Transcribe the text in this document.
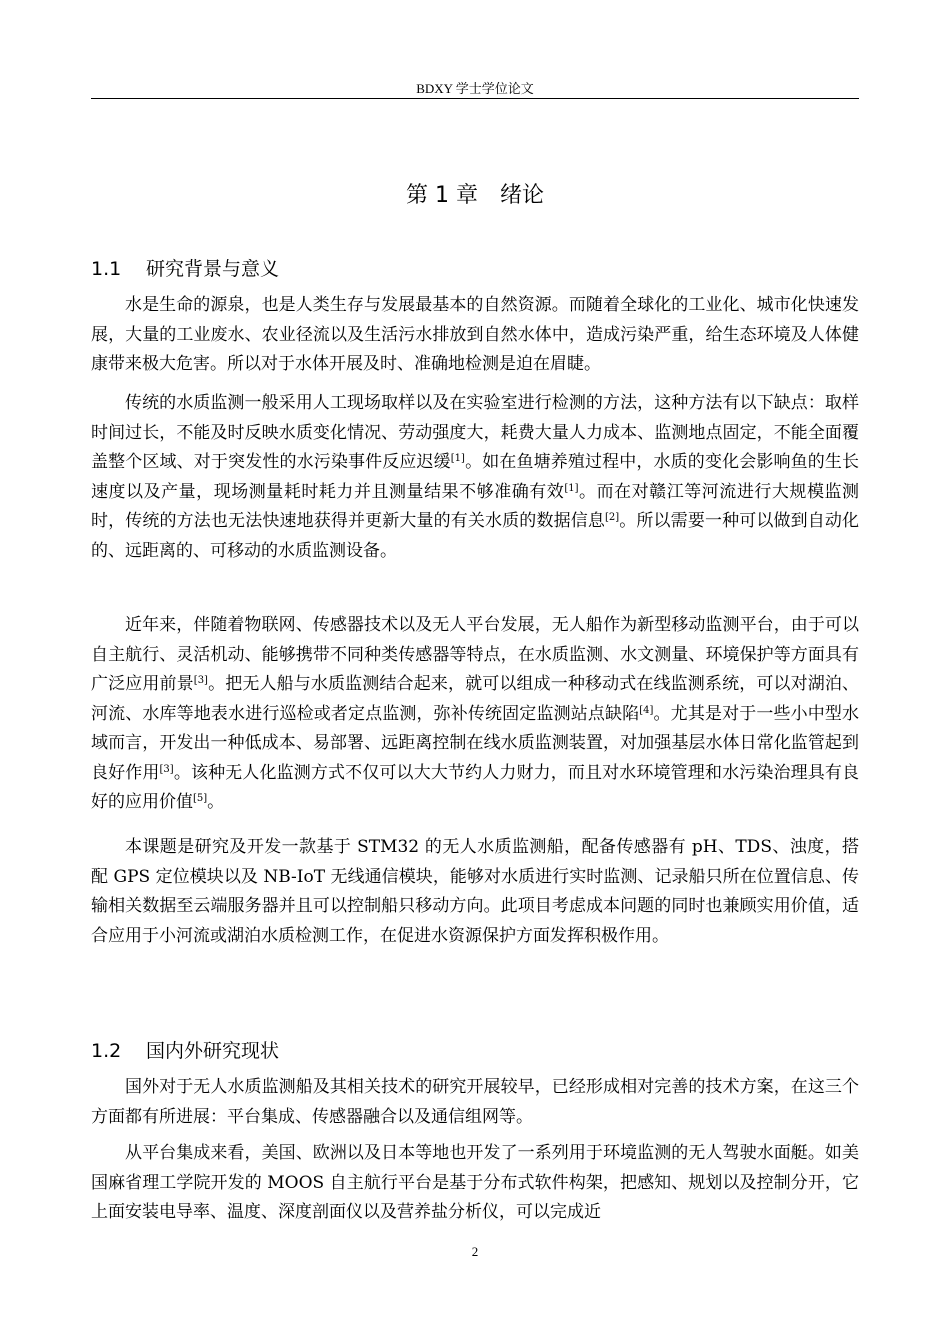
BDXY 学士学位论文
第 1 章 绪论
1.1 研究背景与意义

水是生命的源泉，也是人类生存与发展最基本的自然资源。而随着全球化的工业化、城市化快速发展，大量的工业废水、农业径流以及生活污水排放到自然水体中，造成污染严重，给生态环境及人体健康带来极大危害。所以对于水体开展及时、准确地检测是迫在眉睫。

传统的水质监测一般采用人工现场取样以及在实验室进行检测的方法，这种方法有以下缺点：取样时间过长，不能及时反映水质变化情况、劳动强度大，耗费大量人力成本、监测地点固定，不能全面覆盖整个区域、对于突发性的水污染事件反应迟缓[1]。如在鱼塘养殖过程中，水质的变化会影响鱼的生长速度以及产量，现场测量耗时耗力并且测量结果不够准确有效[1]。而在对赣江等河流进行大规模监测时，传统的方法也无法快速地获得并更新大量的有关水质的数据信息[2]。所以需要一种可以做到自动化的、远距离的、可移动的水质监测设备。

近年来，伴随着物联网、传感器技术以及无人平台发展，无人船作为新型移动监测平台，由于可以自主航行、灵活机动、能够携带不同种类传感器等特点，在水质监测、水文测量、环境保护等方面具有广泛应用前景[3]。把无人船与水质监测结合起来，就可以组成一种移动式在线监测系统，可以对湖泊、河流、水库等地表水进行巡检或者定点监测，弥补传统固定监测站点缺陷[4]。尤其是对于一些小中型水域而言，开发出一种低成本、易部署、远距离控制在线水质监测装置，对加强基层水体日常化监管起到良好作用[3]。该种无人化监测方式不仅可以大大节约人力财力，而且对水环境管理和水污染治理具有良好的应用价值[5]。

本课题是研究及开发一款基于 STM32 的无人水质监测船，配备传感器有 pH、TDS、浊度，搭配 GPS 定位模块以及 NB-IoT 无线通信模块，能够对水质进行实时监测、记录船只所在位置信息、传输相关数据至云端服务器并且可以控制船只移动方向。此项目考虑成本问题的同时也兼顾实用价值，适合应用于小河流或湖泊水质检测工作，在促进水资源保护方面发挥积极作用。

1.2 国内外研究现状

国外对于无人水质监测船及其相关技术的研究开展较早，已经形成相对完善的技术方案，在这三个方面都有所进展：平台集成、传感器融合以及通信组网等。

从平台集成来看，美国、欧洲以及日本等地也开发了一系列用于环境监测的无人驾驶水面艇。如美国麻省理工学院开发的 MOOS 自主航行平台是基于分布式软件构架，把感知、规划以及控制分开，它上面安装电导率、温度、深度剖面仪以及营养盐分析仪，可以完成近

2
